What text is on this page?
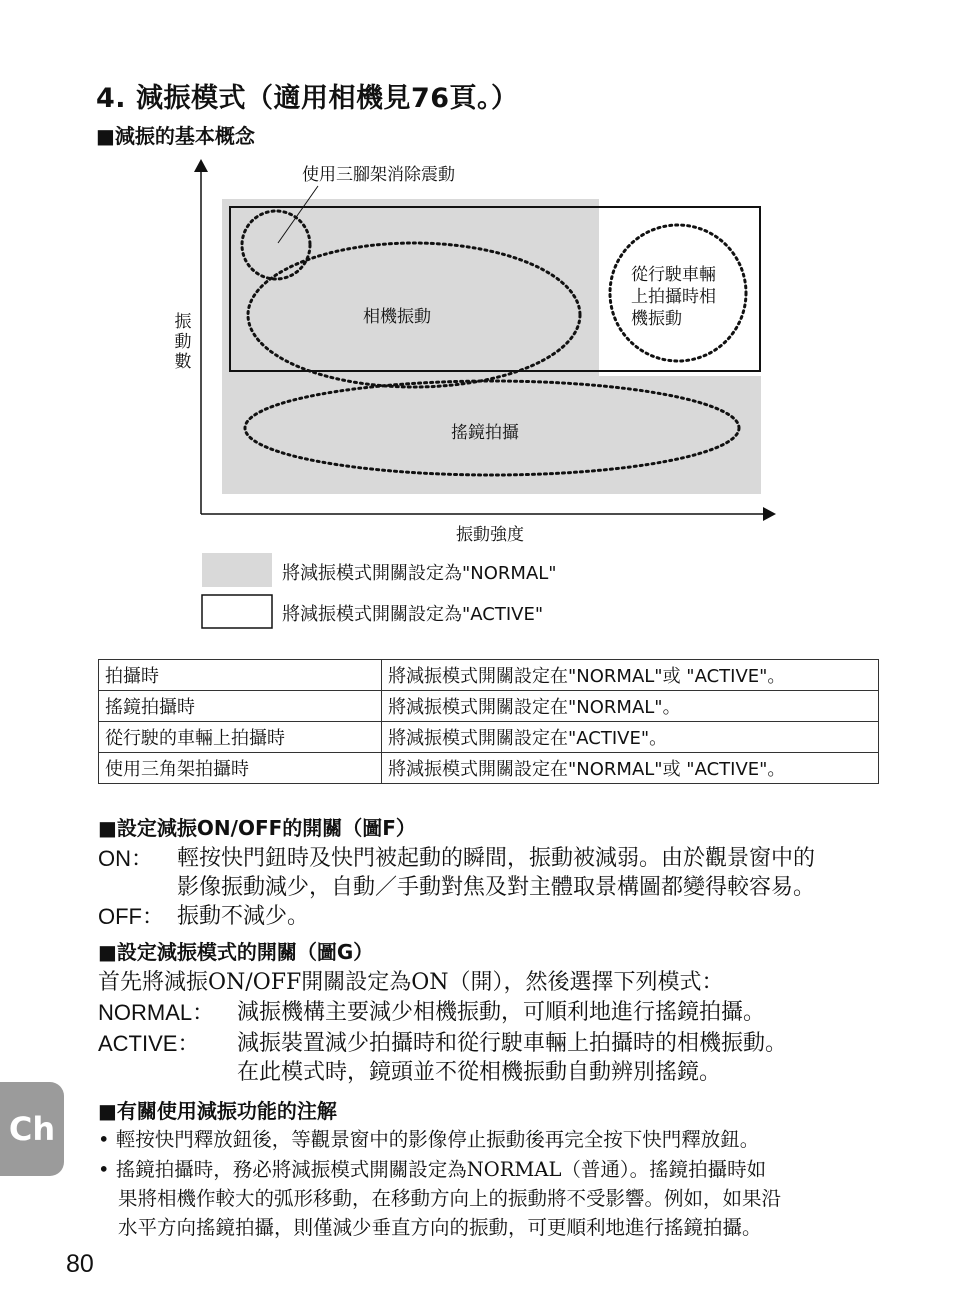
4. 減振模式（適用相機見76頁。）
■減振的基本概念
使用三腳架消除震動
相機振動
從行駛車輛
上拍攝時相
機振動
搖鏡拍攝
振
動
數
振動強度
將減振模式開關設定為"NORMAL"
將減振模式開關設定為"ACTIVE"
拍攝時	將減振模式開關設定在"NORMAL"或 "ACTIVE"。
搖鏡拍攝時	將減振模式開關設定在"NORMAL"。
從行駛的車輛上拍攝時	將減振模式開關設定在"ACTIVE"。
使用三角架拍攝時	將減振模式開關設定在"NORMAL"或 "ACTIVE"。
■設定減振ON/OFF的開關（圖F）
ON： 輕按快門鈕時及快門被起動的瞬間，振動被減弱。由於觀景窗中的
影像振動減少，自動／手動對焦及對主體取景構圖都變得較容易。
OFF： 振動不減少。
■設定減振模式的開關（圖G）
首先將減振ON/OFF開關設定為ON（開），然後選擇下列模式：
NORMAL： 減振機構主要減少相機振動，可順利地進行搖鏡拍攝。
ACTIVE： 減振裝置減少拍攝時和從行駛車輛上拍攝時的相機振動。
在此模式時，鏡頭並不從相機振動自動辨別搖鏡。
■有關使用減振功能的注解
• 輕按快門釋放鈕後，等觀景窗中的影像停止振動後再完全按下快門釋放鈕。
• 搖鏡拍攝時，務必將減振模式開關設定為NORMAL（普通）。搖鏡拍攝時如
果將相機作較大的弧形移動，在移動方向上的振動將不受影響。例如，如果沿
水平方向搖鏡拍攝，則僅減少垂直方向的振動，可更順利地進行搖鏡拍攝。
Ch
80
